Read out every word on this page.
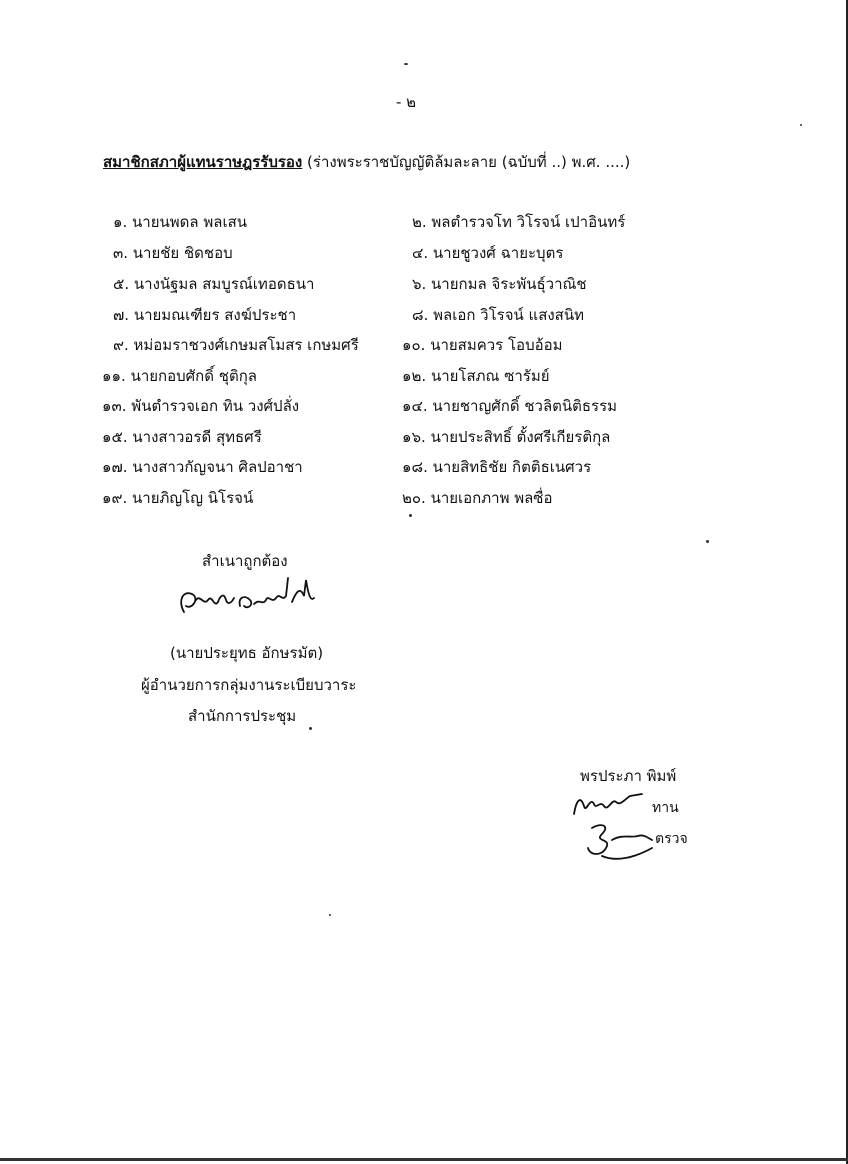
- ๒
สมาชิกสภาผู้แทนราษฎรรับรอง (ร่างพระราชบัญญัติล้มละลาย (ฉบับที่ ..) พ.ศ. ....)
๑. นายนพดล พลเสน
๓. นายชัย ชิดชอบ
๕. นางนัฐมล สมบูรณ์เทอดธนา
๗. นายมณเฑียร สงฆ์ประชา
๙. หม่อมราชวงศ์เกษมสโมสร เกษมศรี
๑๑. นายกอบศักดิ์ ชุติกุล
๑๓. พันตำรวจเอก ทิน วงศ์ปลั่ง
๑๕. นางสาวอรดี สุทธศรี
๑๗. นางสาวกัญจนา ศิลปอาชา
๑๙. นายภิญโญ นิโรจน์
๒. พลตำรวจโท วิโรจน์ เปาอินทร์
๔. นายชูวงศ์ ฉายะบุตร
๖. นายกมล จิระพันธุ์วาณิช
๘. พลเอก วิโรจน์ แสงสนิท
๑๐. นายสมควร โอบอ้อม
๑๒. นายโสภณ ซารัมย์
๑๔. นายชาญศักดิ์ ชวลิตนิติธรรม
๑๖. นายประสิทธิ์ ตั้งศรีเกียรติกุล
๑๘. นายสิทธิชัย กิตติธเนศวร
๒๐. นายเอกภาพ พลซื่อ
สำเนาถูกต้อง
(นายประยุทธ อักษรมัต)
ผู้อำนวยการกลุ่มงานระเบียบวาระ
สำนักการประชุม
พรประภา พิมพ์
ทาน
ตรวจ
